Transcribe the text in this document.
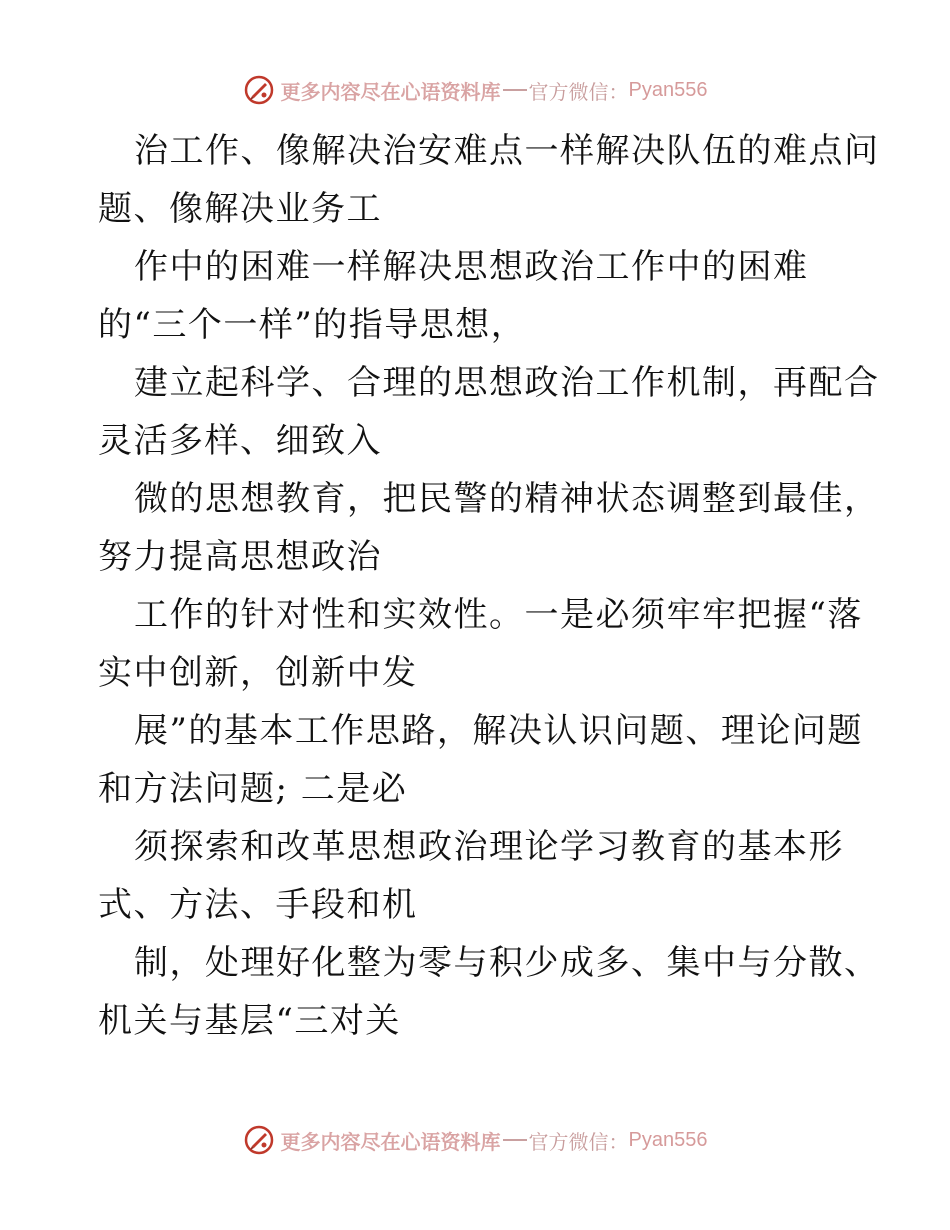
更多内容尽在心语资料库 官方微信： Pyan556
治工作、像解决治安难点一样解决队伍的难点问
题、像解决业务工
作中的困难一样解决思想政治工作中的困难
的“三个一样”的指导思想，
建立起科学、合理的思想政治工作机制，再配合
灵活多样、细致入
微的思想教育，把民警的精神状态调整到最佳，
努力提高思想政治
工作的针对性和实效性。一是必须牢牢把握“落
实中创新，创新中发
展”的基本工作思路，解决认识问题、理论问题
和方法问题; 二是必
须探索和改革思想政治理论学习教育的基本形
式、方法、手段和机
制，处理好化整为零与积少成多、集中与分散、
机关与基层“三对关
更多内容尽在心语资料库 官方微信： Pyan556
